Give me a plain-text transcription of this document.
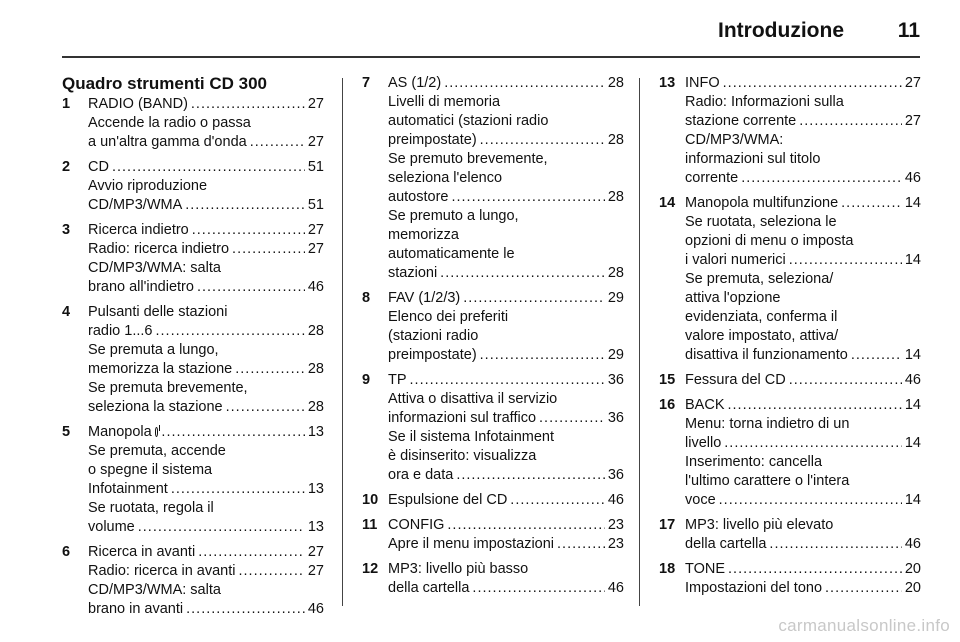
Introduzione	11
Quadro strumenti CD 300
1 RADIO (BAND) .....	27
Accende la radio o passa
a un'altra gamma d'onda .....	27
2 CD .....	51
Avvio riproduzione
CD/MP3/WMA .....	51
3 Ricerca indietro .....	27
Radio: ricerca indietro .....	27
CD/MP3/WMA: salta
brano all'indietro .....	46
4 Pulsanti delle stazioni
radio 1...6 .....	28
Se premuta a lungo,
memorizza la stazione .....	28
Se premuta brevemente,
seleziona la stazione .....	28
5 Manopola .....	13
Se premuta, accende
o spegne il sistema
Infotainment .....	13
Se ruotata, regola il
volume .....	13
6 Ricerca in avanti .....	27
Radio: ricerca in avanti .....	27
CD/MP3/WMA: salta
brano in avanti .....	46
7 AS (1/2) .....	28
Livelli di memoria
automatici (stazioni radio
preimpostate) .....	28
Se premuto brevemente,
seleziona l'elenco
autostore .....	28
Se premuto a lungo,
memorizza
automaticamente le
stazioni .....	28
8 FAV (1/2/3) .....	29
Elenco dei preferiti
(stazioni radio
preimpostate) .....	29
9 TP .....	36
Attiva o disattiva il servizio
informazioni sul traffico .....	36
Se il sistema Infotainment
è disinserito: visualizza
ora e data .....	36
10 Espulsione del CD .....	46
11 CONFIG .....	23
Apre il menu impostazioni .....	23
12 MP3: livello più basso
della cartella .....	46
13 INFO .....	27
Radio: Informazioni sulla
stazione corrente .....	27
CD/MP3/WMA:
informazioni sul titolo
corrente .....	46
14 Manopola multifunzione .....	14
Se ruotata, seleziona le
opzioni di menu o imposta
i valori numerici .....	14
Se premuta, seleziona/
attiva l'opzione
evidenziata, conferma il
valore impostato, attiva/
disattiva il funzionamento .....	14
15 Fessura del CD .....	46
16 BACK .....	14
Menu: torna indietro di un
livello .....	14
Inserimento: cancella
l'ultimo carattere o l'intera
voce .....	14
17 MP3: livello più elevato
della cartella .....	46
18 TONE .....	20
Impostazioni del tono .....	20
carmanualsonline.info
